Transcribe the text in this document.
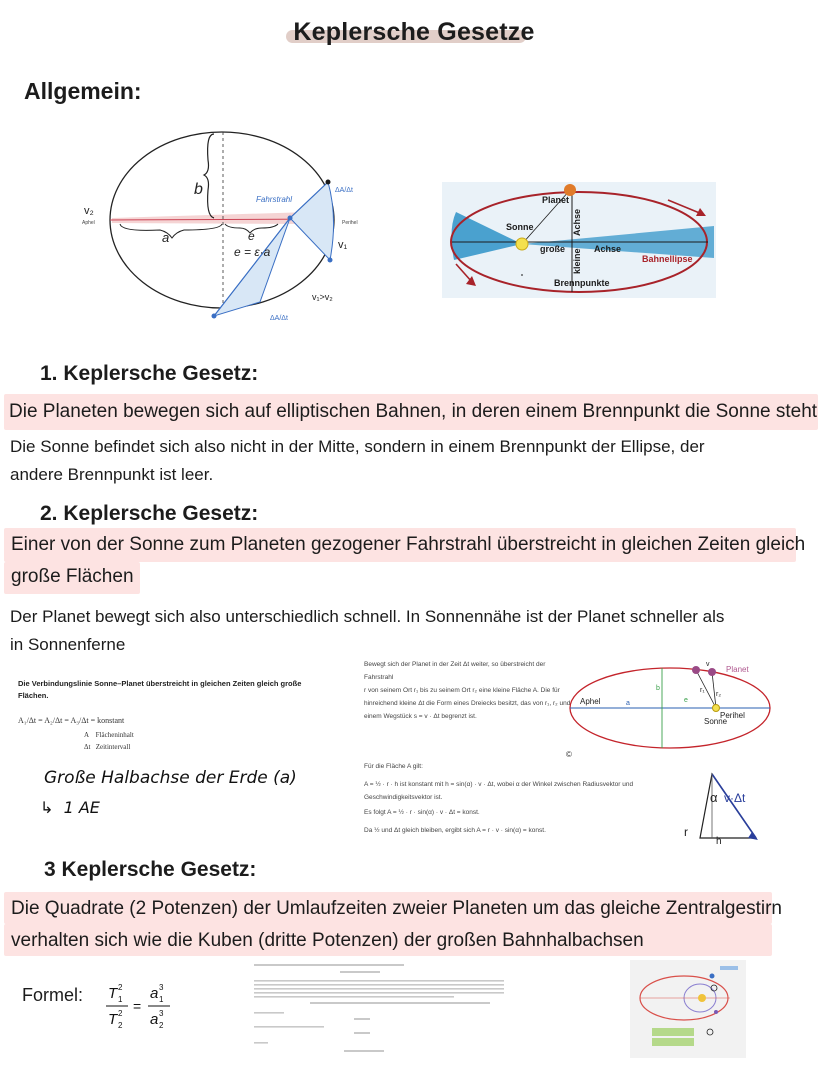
Keplersche Gesetze
Allgemein:
v₂
Aphel	Perihel
v₁
a
b
e
e = ε·a
Fahrstrahl
ΔA/Δt
ΔA/Δt
v₁>v₂
Planet
Sonne
große	Achse
Achse
kleine
Brennpunkte
Bahnellipse
1. Keplersche Gesetz:
Die Planeten bewegen sich auf elliptischen Bahnen, in deren einem Brennpunkt die Sonne steht
Die Sonne befindet sich also nicht in der Mitte, sondern in einem Brennpunkt der Ellipse, der
andere Brennpunkt ist leer.
2. Keplersche Gesetz:
Einer von der Sonne zum Planeten gezogener Fahrstrahl überstreicht in gleichen Zeiten gleich
große Flächen
Der Planet bewegt sich also unterschiedlich schnell. In Sonnennähe ist der Planet schneller als
in Sonnenferne
Die Verbindungslinie Sonne–Planet überstreicht in gleichen Zeiten gleich große
Flächen.
A₁/Δt = A₂/Δt = A₃/Δt = konstant
A    Flächeninhalt
Δt   Zeitintervall
Große Halbachse der Erde (a)
↳  1 AE
Bewegt sich der Planet in der Zeit Δt weiter, so überstreicht der Fahrstrahl
r von seinem Ort r₁ bis zu seinem Ort r₂ eine kleine Fläche A. Die für
hinreichend kleine Δt die Form eines Dreiecks besitzt, das von r₁, r₂ und
einem Wegstück s = v · Δt begrenzt ist.
Für die Fläche A gilt:
A = ½ · r · h ist konstant mit h = sin(α) · v · Δt, wobei α der Winkel zwischen Radiusvektor und
Geschwindigkeitsvektor ist.
Es folgt A = ½ · r · sin(α) · v · Δt = konst.
Da ½ und Δt gleich bleiben, ergibt sich A = r · v · sin(α) = konst.
Planet
v
Aphel
Perihel
Sonne
a
b
e
r₁
r₂
©
α v·Δt
r
h
3 Keplersche Gesetz:
Die Quadrate (2 Potenzen) der Umlaufzeiten zweier Planeten um das gleiche Zentralgestirn
verhalten sich wie die Kuben (dritte Potenzen) der großen Bahnhalbachsen
Formel: T 2
1
T 2
2
=
a 3
1
a 3
2
